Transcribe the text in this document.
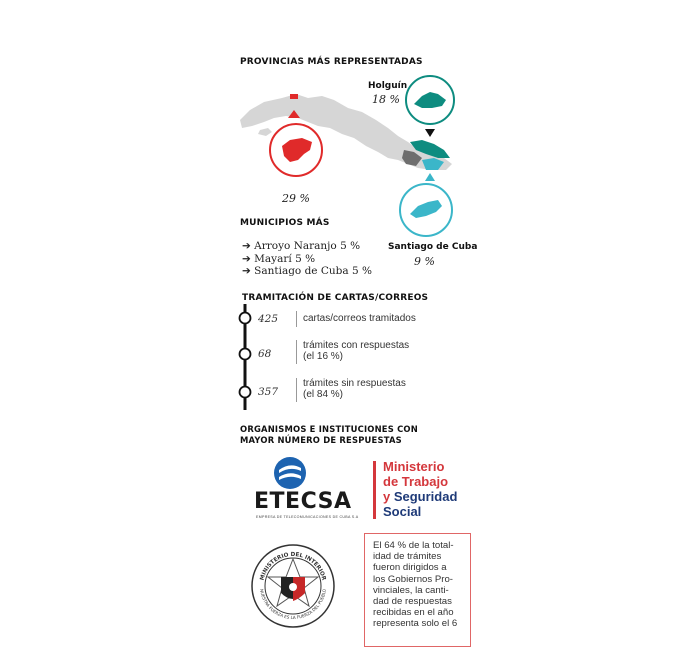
PROVINCIAS MÁS REPRESENTADAS
29 %
Holguín
18 %
Santiago de Cuba
9 %
MUNICIPIOS MÁS
➔ Arroyo Naranjo 5 %
➔ Mayarí 5 %
➔ Santiago de Cuba 5 %
TRAMITACIÓN DE CARTAS/CORREOS
425 cartas/correos tramitados
68
trámites con respuestas
(el 16 %)
357
trámites sin respuestas
(el 84 %)
ORGANISMOS E INSTITUCIONES CON
MAYOR NÚMERO DE RESPUESTAS
ETECSA
EMPRESA DE TELECOMUNICACIONES DE CUBA S.A
Ministerio
de Trabajo
y Seguridad
Social
MINISTERIO DEL INTERIOR
NUESTRA FUERZA ES LA FUERZA DEL PUEBLO
El 64 % de la total-
idad de trámites
fueron dirigidos a
los Gobiernos Pro-
vinciales, la canti-
dad de respuestas
recibidas en el año
representa solo el 6
